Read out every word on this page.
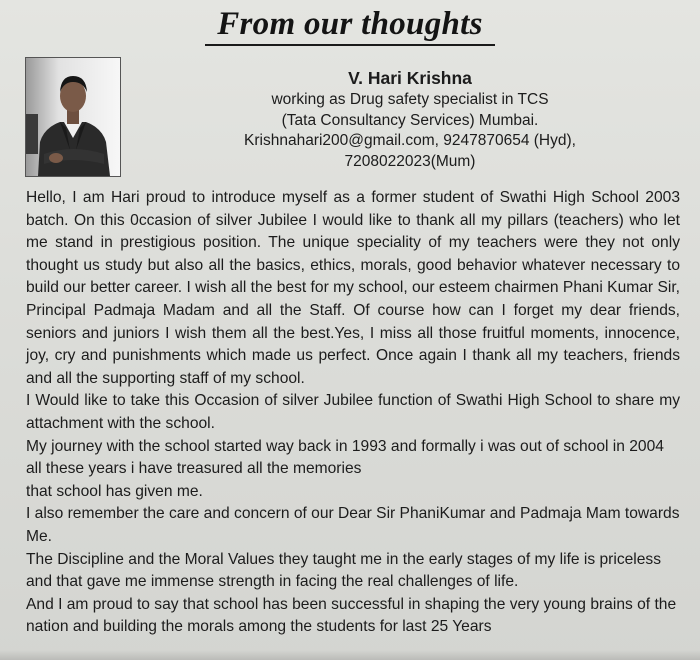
From our thoughts
V. Hari Krishna
working as Drug safety specialist in TCS
(Tata Consultancy Services) Mumbai.
Krishnahari200@gmail.com, 9247870654 (Hyd),
7208022023(Mum)

Hello, I am Hari proud to introduce myself as a former student of Swathi High School 2003 batch. On this 0ccasion of silver Jubilee I would like to thank all my pillars (teachers) who let me stand in prestigious position. The unique speciality of my teachers were they not only thought us study but also all the basics, ethics, morals, good behavior whatever necessary to build our better career. I wish all the best for my school, our esteem chairmen Phani Kumar Sir, Principal Padmaja Madam and all the Staff. Of course how can I forget my dear friends, seniors and juniors I wish them all the best.Yes, I miss all those fruitful moments, innocence, joy, cry and punishments which made us perfect. Once again I thank all my teachers, friends and all the supporting staff of my school.

I Would like to take this Occasion of silver Jubilee function of Swathi High School to share my attachment with the school.

My journey with the school started way back in 1993 and formally i was out of school in 2004 all these years i have treasured all the memories

that school has given me.

I also remember the care and concern of our Dear Sir PhaniKumar and Padmaja Mam towards Me.

The Discipline and the Moral Values they taught me in the early stages of my life is priceless and that gave me immense strength in facing the real challenges of life.

And I am proud to say that school has been successful in shaping the very young brains of the nation and building the morals among the students for last 25 Years
